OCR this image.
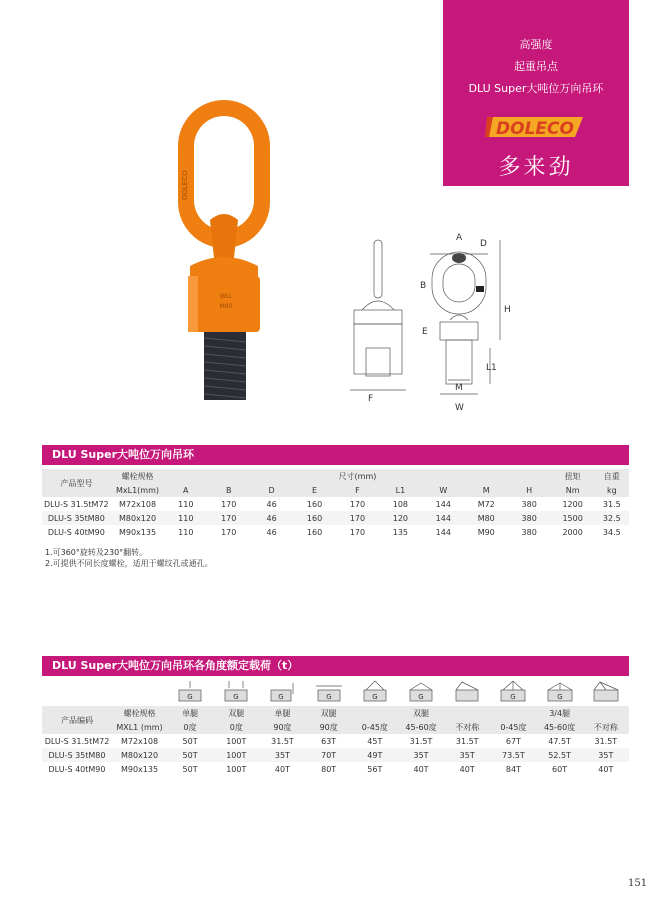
高强度
起重吊点
DLU Super大吨位万向吊环
DOLECO
多来劲
DOLECO
WLL
M90
F
A
D
B
H
E
L1
M
W
DLU Super大吨位万向吊环
产品型号	螺栓规格	尺寸(mm)									扭矩	自重
	MxL1(mm)	A	B	D	E	F	L1	W	M	H	Nm	kg
DLU-S 31.5tM72	M72x108	110	170	46	160	170	108	144	M72	380	1200	31.5
DLU-S 35tM80	M80x120	110	170	46	160	170	120	144	M80	380	1500	32.5
DLU-S 40tM90	M90x135	110	170	46	160	170	135	144	M90	380	2000	34.5
1.可360°旋转及230°翻转。
2.可提供不同长度螺栓，适用于螺纹孔或通孔。
DLU Super大吨位万向吊环各角度额定载荷（t）

G	G	G	G	G	G		G	G

产品编码	螺栓规格	单腿	双腿	单腿	双腿	双腿			3/4腿		
	MXL1 (mm)	0度	0度	90度	90度	0-45度	45-60度	不对称	0-45度	45-60度	不对称
DLU-S 31.5tM72	M72x108	50T	100T	31.5T	63T	45T	31.5T	31.5T	67T	47.5T	31.5T
DLU-S 35tM80	M80x120	50T	100T	35T	70T	49T	35T	35T	73.5T	52.5T	35T
DLU-S 40tM90	M90x135	50T	100T	40T	80T	56T	40T	40T	84T	60T	40T
151
